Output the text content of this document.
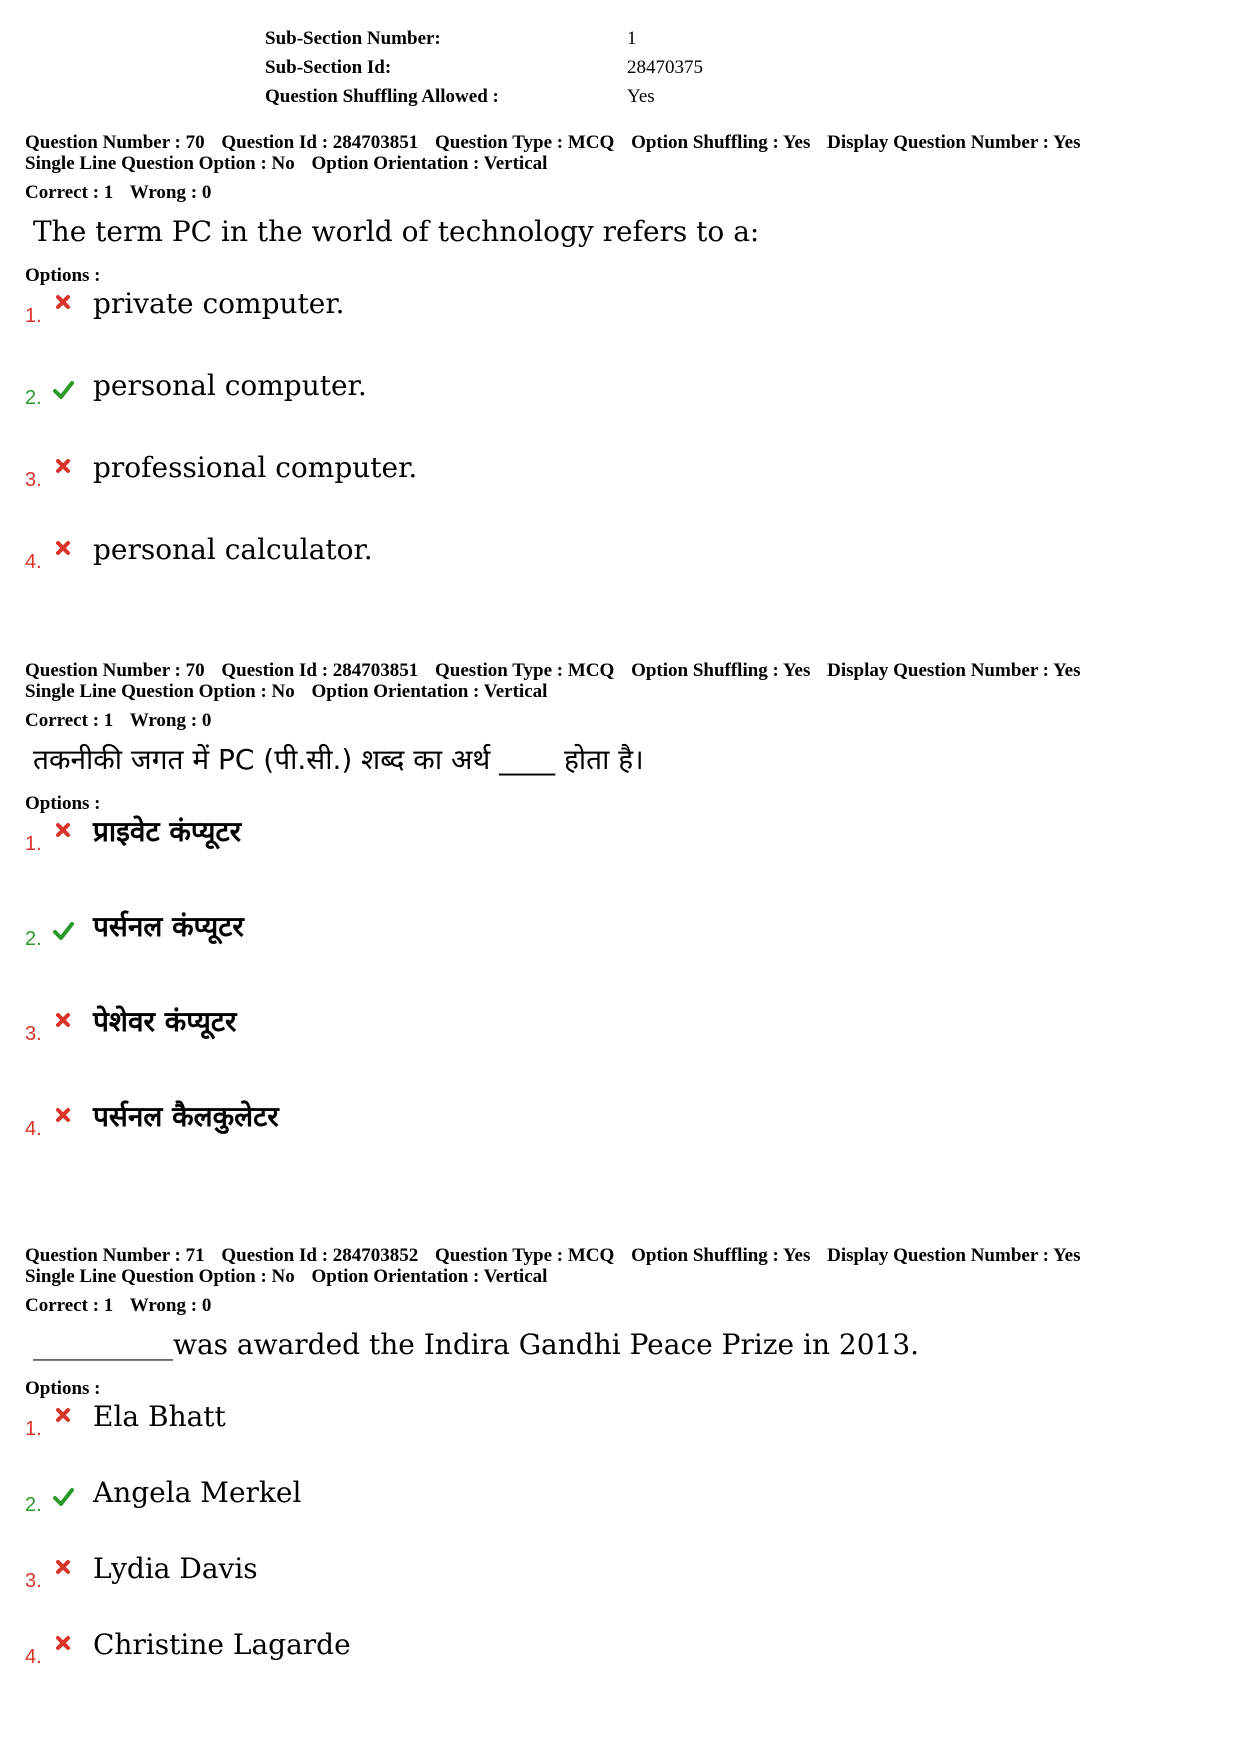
Sub-Section Number:	1
Sub-Section Id:	28470375
Question Shuffling Allowed :	Yes
Question Number : 70 Question Id : 284703851 Question Type : MCQ Option Shuffling : Yes Display Question Number : Yes
Single Line Question Option : No Option Orientation : Vertical
Correct : 1 Wrong : 0
The term PC in the world of technology refers to a:
Options :
1. private computer.
2. personal computer.
3. professional computer.
4. personal calculator.
Question Number : 70 Question Id : 284703851 Question Type : MCQ Option Shuffling : Yes Display Question Number : Yes
Single Line Question Option : No Option Orientation : Vertical
Correct : 1 Wrong : 0
तकनीकी जगत में PC (पी.सी.) शब्द का अर्थ ____ होता है।
Options :
1. प्राइवेट कंप्यूटर
2. पर्सनल कंप्यूटर
3. पेशेवर कंप्यूटर
4. पर्सनल कैलकुलेटर
Question Number : 71 Question Id : 284703852 Question Type : MCQ Option Shuffling : Yes Display Question Number : Yes
Single Line Question Option : No Option Orientation : Vertical
Correct : 1 Wrong : 0
__________was awarded the Indira Gandhi Peace Prize in 2013.
Options :
1. Ela Bhatt
2. Angela Merkel
3. Lydia Davis
4. Christine Lagarde
